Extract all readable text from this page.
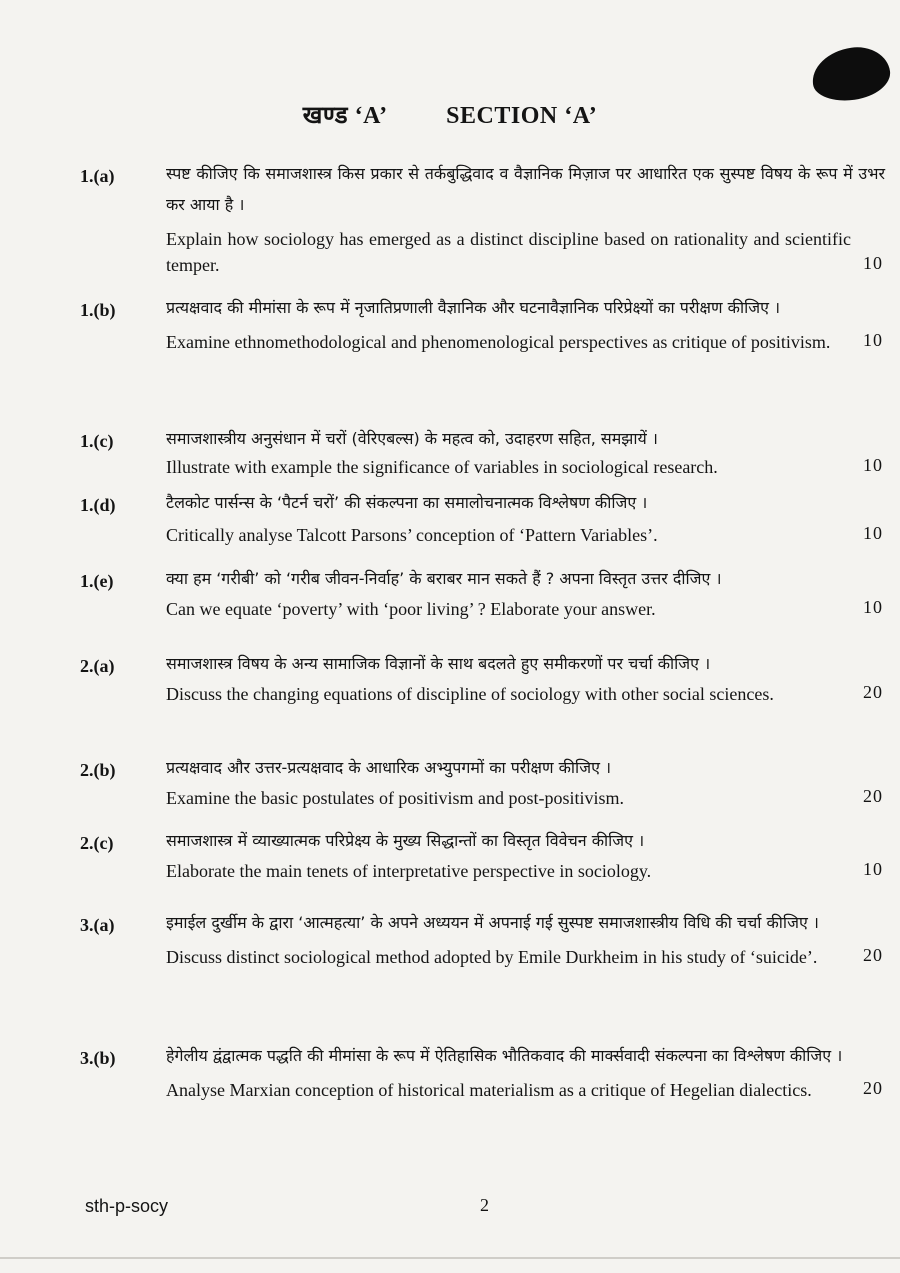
खण्ड ‘A’ SECTION ‘A’
1.(a)	स्पष्ट कीजिए कि समाजशास्त्र किस प्रकार से तर्कबुद्धिवाद व वैज्ञानिक मिज़ाज पर आधारित एक सुस्पष्ट विषय के रूप में उभर कर आया है ।
Explain how sociology has emerged as a distinct discipline based on rationality and scientific temper.	10
1.(b)	प्रत्यक्षवाद की मीमांसा के रूप में नृजातिप्रणाली वैज्ञानिक और घटनावैज्ञानिक परिप्रेक्ष्यों का परीक्षण कीजिए ।
Examine ethnomethodological and phenomenological perspectives as critique of positivism.	10
1.(c)	समाजशास्त्रीय अनुसंधान में चरों (वेरिएबल्स) के महत्व को, उदाहरण सहित, समझायें ।
Illustrate with example the significance of variables in sociological research.	10
1.(d)	टैलकोट पार्सन्स के ‘पैटर्न चरों’ की संकल्पना का समालोचनात्मक विश्लेषण कीजिए ।
Critically analyse Talcott Parsons’ conception of ‘Pattern Variables’.	10
1.(e)	क्या हम ‘गरीबी’ को ‘गरीब जीवन-निर्वाह’ के बराबर मान सकते हैं ? अपना विस्तृत उत्तर दीजिए ।
Can we equate ‘poverty’ with ‘poor living’ ? Elaborate your answer.	10
2.(a)	समाजशास्त्र विषय के अन्य सामाजिक विज्ञानों के साथ बदलते हुए समीकरणों पर चर्चा कीजिए ।
Discuss the changing equations of discipline of sociology with other social sciences.	20
2.(b)	प्रत्यक्षवाद और उत्तर-प्रत्यक्षवाद के आधारिक अभ्युपगमों का परीक्षण कीजिए ।
Examine the basic postulates of positivism and post-positivism.	20
2.(c)	समाजशास्त्र में व्याख्यात्मक परिप्रेक्ष्य के मुख्य सिद्धान्तों का विस्तृत विवेचन कीजिए ।
Elaborate the main tenets of interpretative perspective in sociology.	10
3.(a)	इमाईल दुर्खीम के द्वारा ‘आत्महत्या’ के अपने अध्ययन में अपनाई गई सुस्पष्ट समाजशास्त्रीय विधि की चर्चा कीजिए ।
Discuss distinct sociological method adopted by Emile Durkheim in his study of ‘suicide’.	20
3.(b)	हेगेलीय द्वंद्वात्मक पद्धति की मीमांसा के रूप में ऐतिहासिक भौतिकवाद की मार्क्सवादी संकल्पना का विश्लेषण कीजिए ।
Analyse Marxian conception of historical materialism as a critique of Hegelian dialectics.	20
sth-p-socy	2
